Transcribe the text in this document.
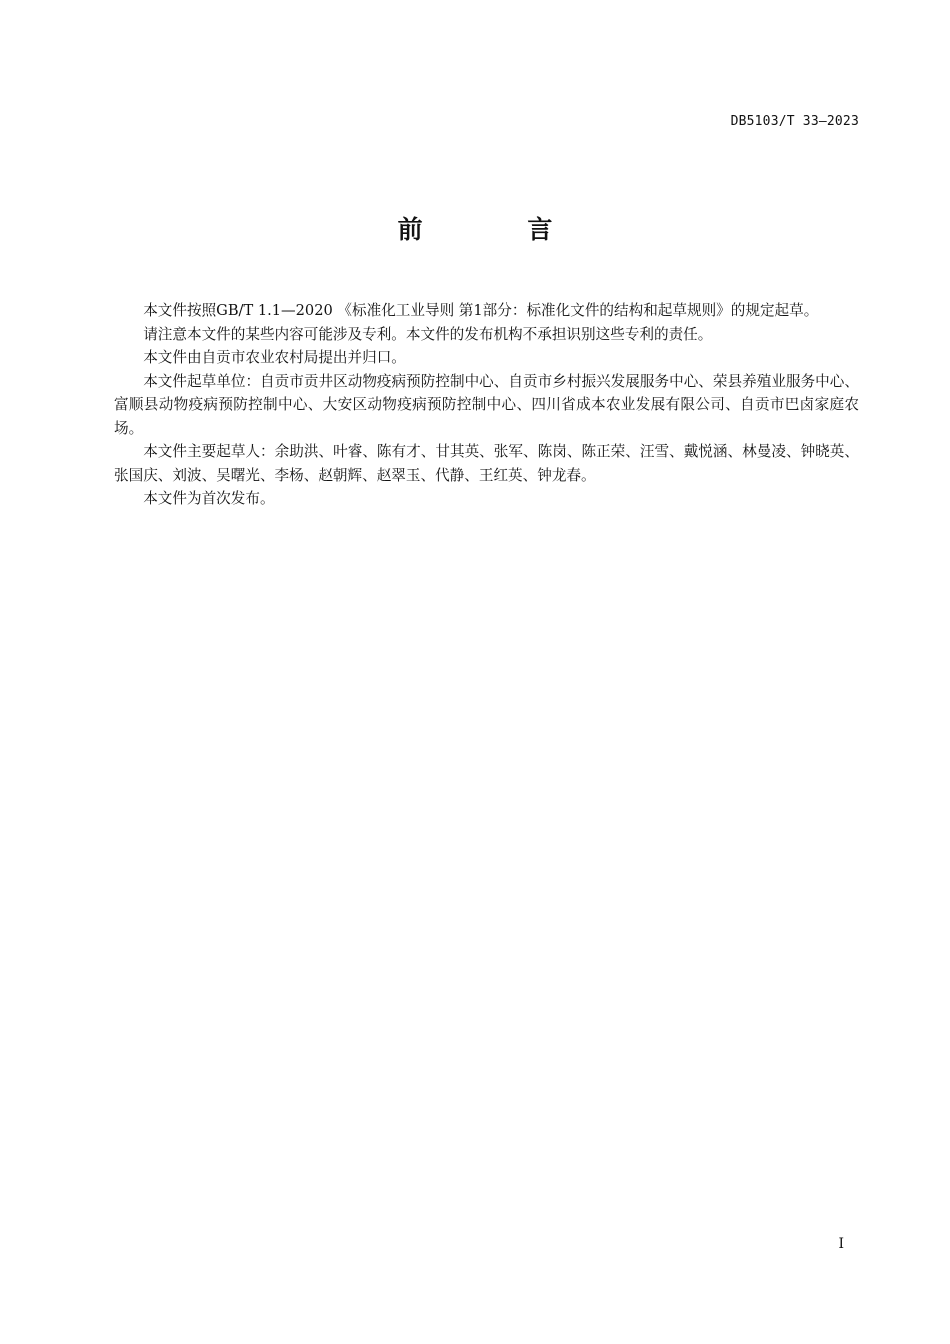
DB5103/T 33—2023
前 言

本文件按照GB/T 1.1—2020 《标准化工业导则 第1部分：标准化文件的结构和起草规则》的规定起草。

请注意本文件的某些内容可能涉及专利。本文件的发布机构不承担识别这些专利的责任。

本文件由自贡市农业农村局提出并归口。

本文件起草单位：自贡市贡井区动物疫病预防控制中心、自贡市乡村振兴发展服务中心、荣县养殖业服务中心、富顺县动物疫病预防控制中心、大安区动物疫病预防控制中心、四川省成本农业发展有限公司、自贡市巴卤家庭农场。

本文件主要起草人：余助洪、叶睿、陈有才、甘其英、张军、陈岗、陈正荣、汪雪、戴悦涵、林曼凌、钟晓英、张国庆、刘波、吴曙光、李杨、赵朝辉、赵翠玉、代静、王红英、钟龙春。

本文件为首次发布。

I
